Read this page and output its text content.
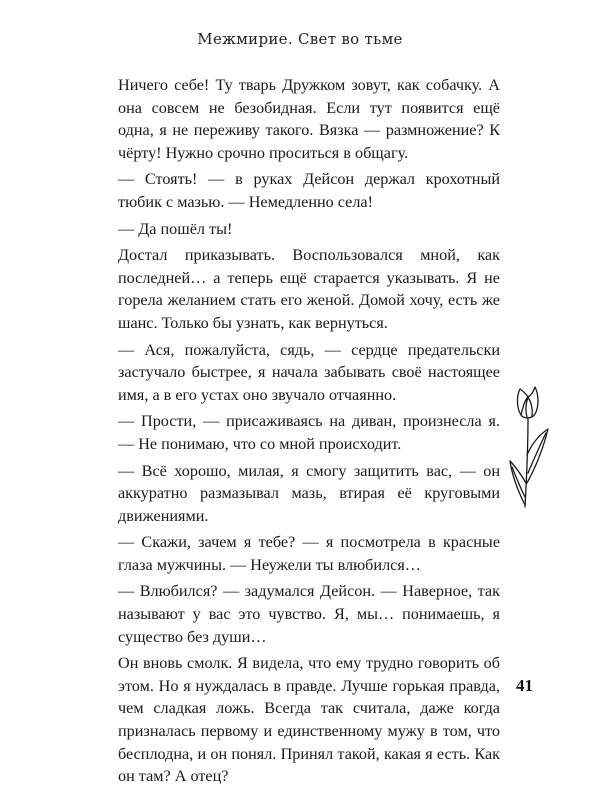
Межмирие. Свет во тьме

Ничего себе! Ту тварь Дружком зовут, как собачку. А она совсем не безобидная. Если тут появится ещё одна, я не переживу такого. Вязка — размножение? К чёрту! Нужно срочно проситься в общагу.

— Стоять! — в руках Дейсон держал крохотный тюбик с мазью. — Немедленно села!

— Да пошёл ты!

Достал приказывать. Воспользовался мной, как последней… а теперь ещё старается указывать. Я не горела желанием стать его женой. Домой хочу, есть же шанс. Только бы узнать, как вернуться.

— Ася, пожалуйста, сядь, — сердце предательски застучало быстрее, я начала забывать своё настоящее имя, а в его устах оно звучало отчаянно.

— Прости, — присаживаясь на диван, произнесла я. — Не понимаю, что со мной происходит.

— Всё хорошо, милая, я смогу защитить вас, — он аккуратно размазывал мазь, втирая её круговыми движениями.

— Скажи, зачем я тебе? — я посмотрела в красные глаза мужчины. — Неужели ты влюбился…

— Влюбился? — задумался Дейсон. — Наверное, так называют у вас это чувство. Я, мы… понимаешь, я существо без души…

Он вновь смолк. Я видела, что ему трудно говорить об этом. Но я нуждалась в правде. Лучше горькая правда, чем сладкая ложь. Всегда так считала, даже когда призналась первому и единственному мужу в том, что бесплодна, и он понял. Принял такой, какая я есть. Как он там? А отец?

41
